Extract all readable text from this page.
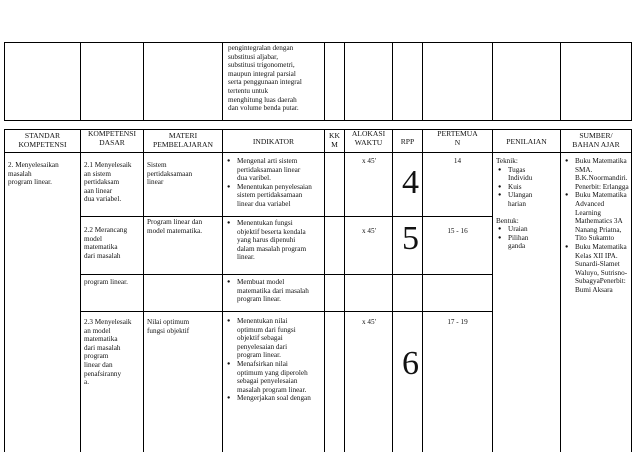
pengintegralan dengan
substitusi aljabar,
substitusi trigonometri,
maupun integral parsial
serta penggunaan integral
tertentu untuk
menghitung luas daerah
dan volume benda putar.
STANDAR
KOMPETENSI
KOMPETENSI
DASAR
MATERI
PEMBELAJARAN	INDIKATOR
KK
M
ALOKASI
WAKTU	RPP
PERTEMUA
N	PENILAIAN
SUMBER/
BAHAN AJAR
2. Menyelesaikan
masalah
program linear.
2.1 Menyelesaik
an sistem
pertidaksam
aan linear
dua variabel.
Sistem
pertidaksamaan
linear
● Mengenal arti sistem
pertidaksamaan linear
dua varibel.
● Menentukan penyelesaian
sistem pertidaksamaan
linear dua variabel
x 45'
4
14
2.2 Merancang
model
matematika
dari masalah
Program linear dan
model matematika.
● Menentukan fungsi
objektif beserta kendala
yang harus dipenuhi
dalam masalah program
linear.
x 45' 5	15 - 16
program linear.
●	Membuat model
matematika dari masalah
program linear.
2.3 Menyelesaik
an model
matematika
dari masalah
program
linear dan
penafsiranny
a.
Nilai optimum
fungsi objektif
● Menentukan nilai
optimum dari fungsi
objektif sebagai
penyelesaian dari
program linear.
● Menafsirkan nilai
optimum yang diperoleh
sebagai penyelesaian
masalah program linear.
● Mengerjakan soal dengan
x 45'
6
17 - 19
Teknik:
● Tugas
Individu
● Kuis
● Ulangan
harian
Bentuk:
● Uraian
● Pilihan
ganda
● Buku Matematika
SMA.
B.K.Noormandiri.
Penerbit: Erlangga
● Buku Matematika
Advanced
Learning
Mathematics 3A
Nanang Priatna,
Tito Sukamto
● Buku Matematika
Kelas XII IPA.
Sunardi-Slamet
Waluyo, Sutrisno-
SubagyaPenerbit:
Bumi Aksara
